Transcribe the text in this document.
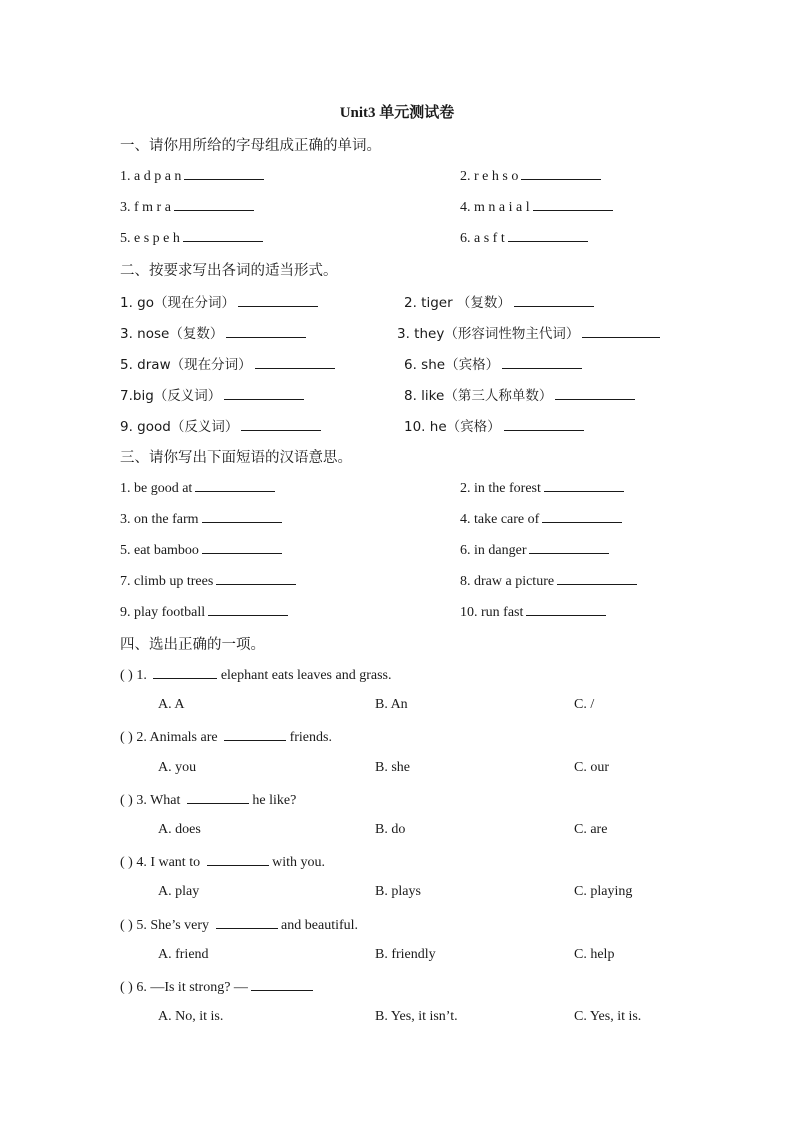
Unit3 单元测试卷
一、请你用所给的字母组成正确的单词。
1. a d p a n	2. r e h s o
3. f m r a	4. m n a i a l
5. e s p e h	6. a s f t
二、按要求写出各词的适当形式。
1. go（现在分词）	2. tiger （复数）
3. nose（复数）	3. they（形容词性物主代词）
5. draw（现在分词）	6. she（宾格）
7.big（反义词）	8. like（第三人称单数）
9. good（反义词）	10. he（宾格）
三、请你写出下面短语的汉语意思。
1. be good at	2. in the forest
3. on the farm	4. take care of
5. eat bamboo	6. in danger
7. climb up trees	8. draw a picture
9. play football	10. run fast
四、选出正确的一项。
( ) 1.	elephant eats leaves and grass.
A. A	B. An	C. /
( ) 2. Animals are	friends.
A. you	B. she	C. our
( ) 3. What	he like?
A. does	B. do	C. are
( ) 4. I want to	with you.
A. play	B. plays	C. playing
( ) 5. She’s very	and beautiful.
A. friend	B. friendly	C. help
( ) 6. —Is it strong? —
A. No, it is.	B. Yes, it isn’t.	C. Yes, it is.
